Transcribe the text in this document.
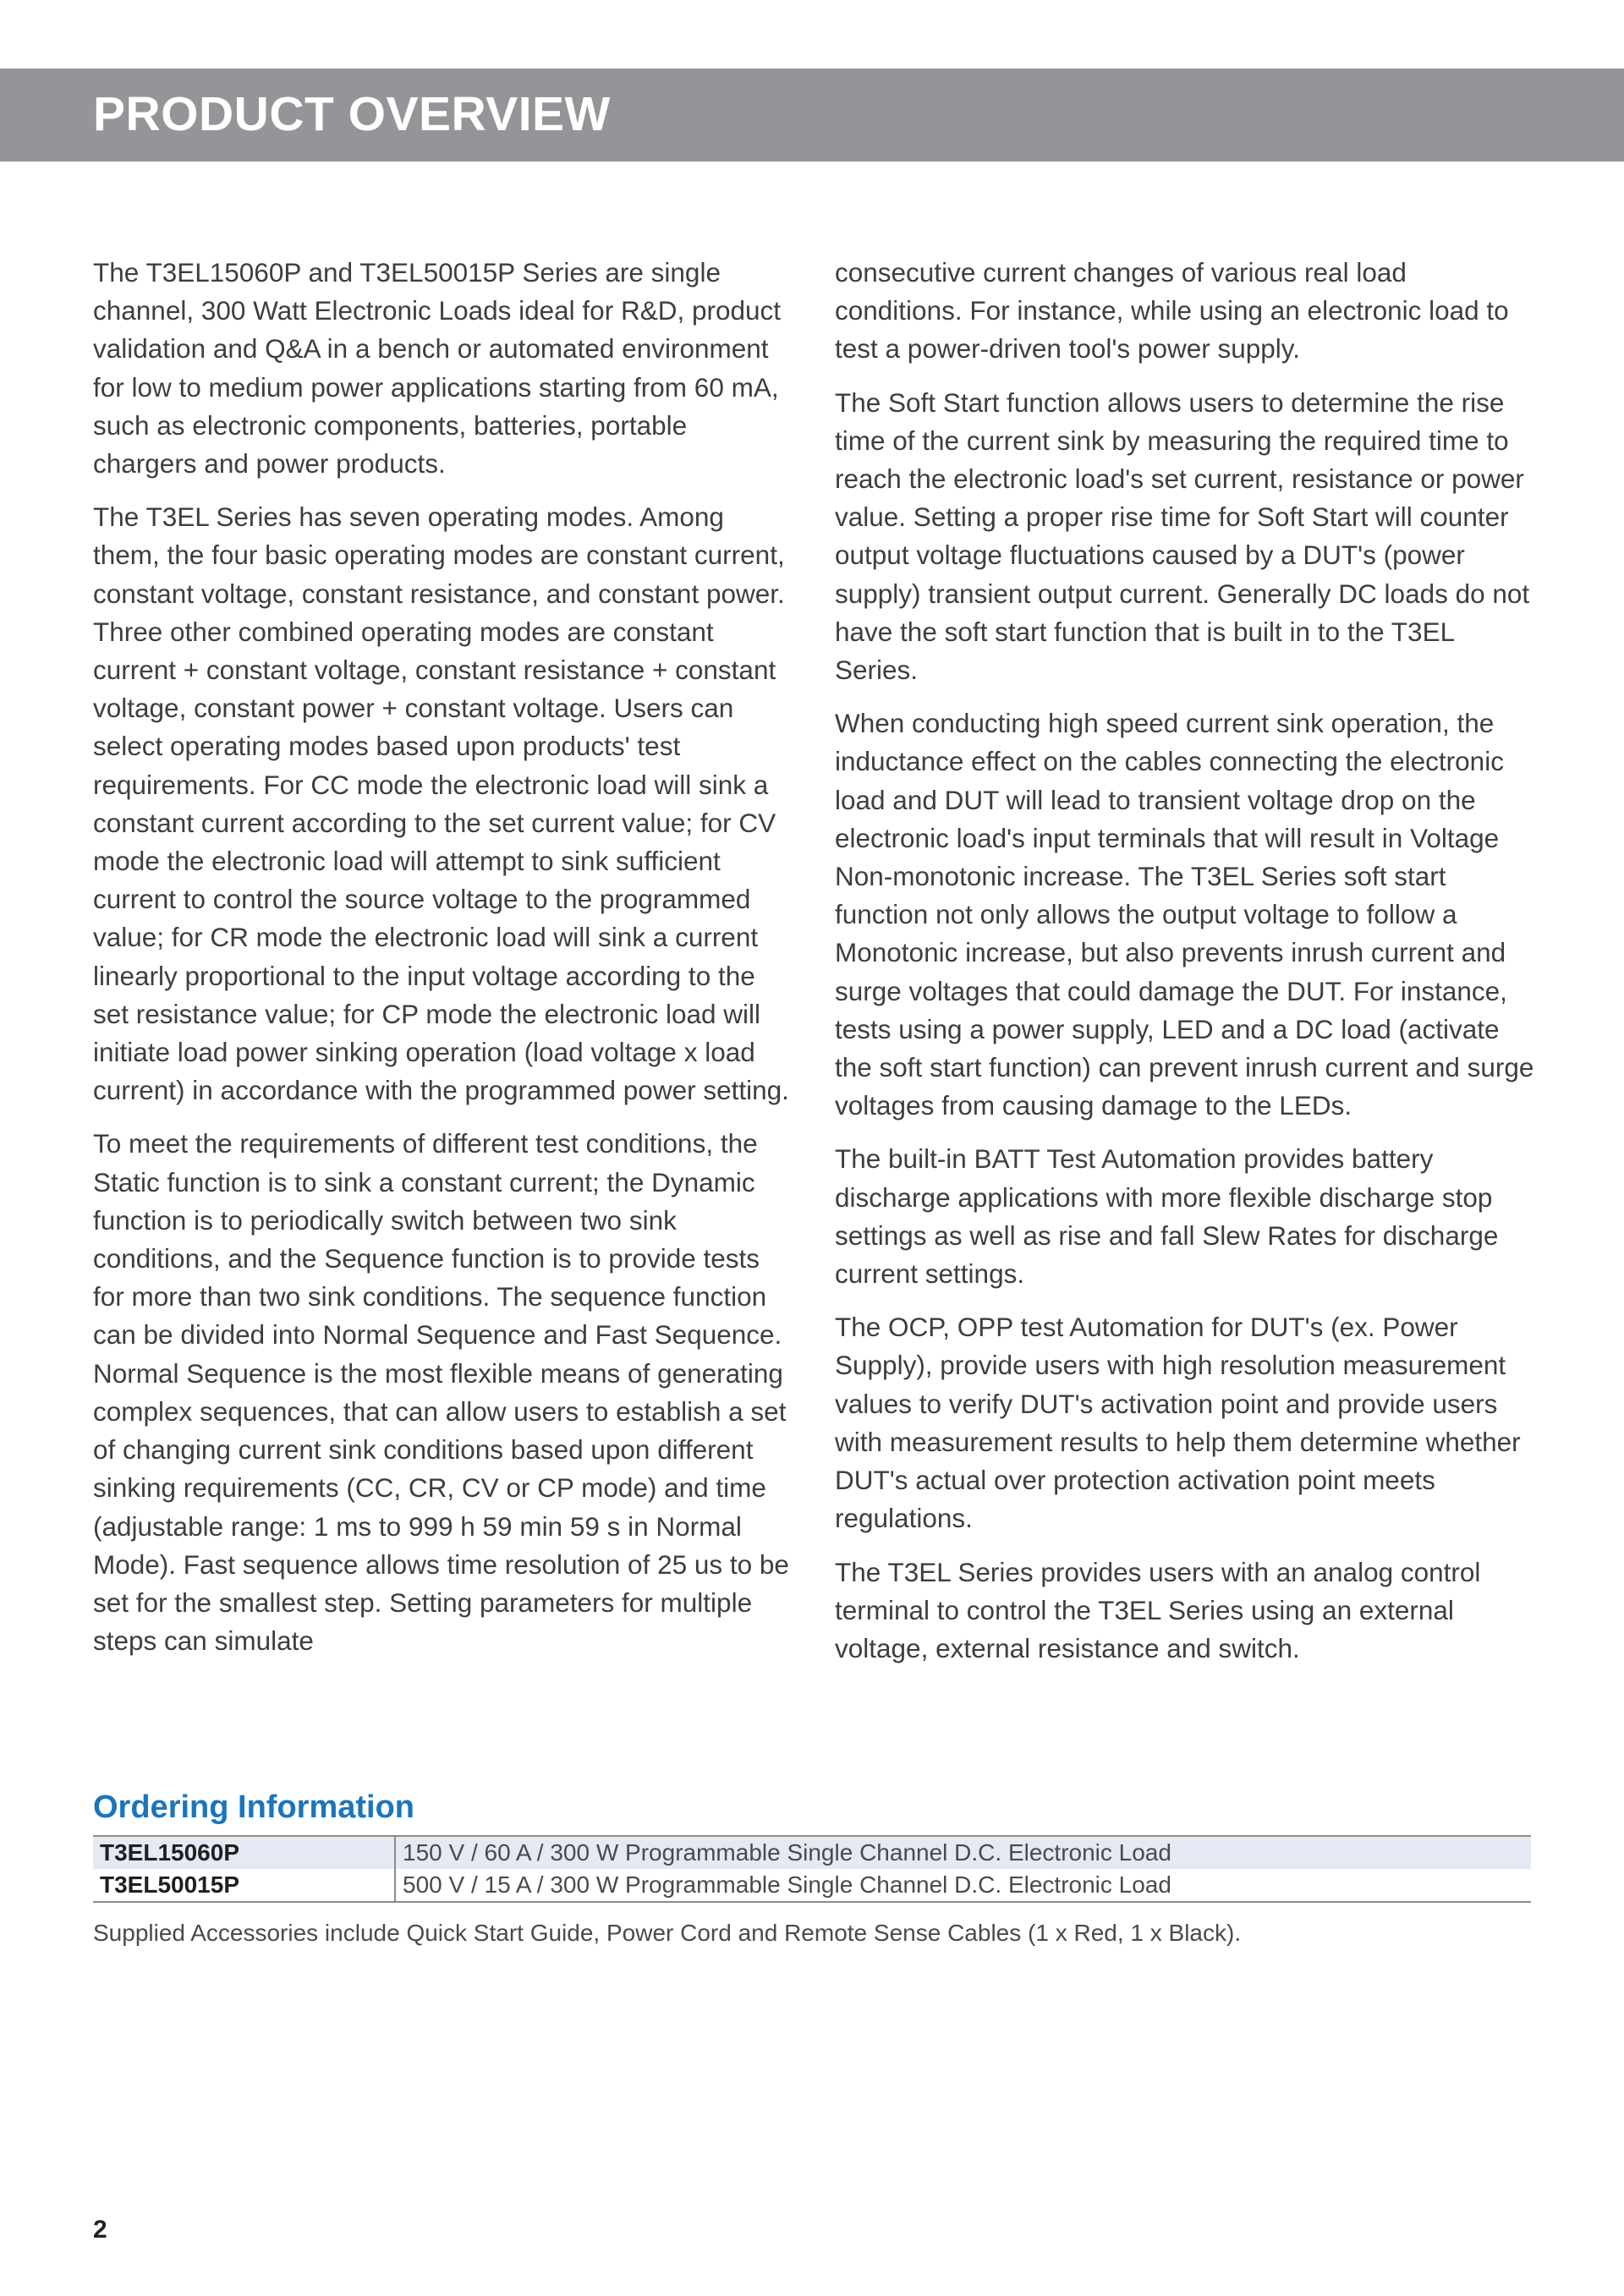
PRODUCT OVERVIEW

The T3EL15060P and T3EL50015P Series are single channel, 300 Watt Electronic Loads ideal for R&D, product validation and Q&A in a bench or automated environment for low to medium power applications starting from 60 mA, such as electronic components, batteries, portable chargers and power products.

The T3EL Series has seven operating modes. Among them, the four basic operating modes are constant current, constant voltage, constant resistance, and constant power. Three other combined operating modes are constant current + constant voltage, constant resistance + constant voltage, constant power + constant voltage. Users can select operating modes based upon products' test requirements. For CC mode the electronic load will sink a constant current according to the set current value; for CV mode the electronic load will attempt to sink sufficient current to control the source voltage to the programmed value; for CR mode the electronic load will sink a current linearly proportional to the input voltage according to the set resistance value; for CP mode the electronic load will initiate load power sinking operation (load voltage x load current) in accordance with the programmed power setting.

To meet the requirements of different test conditions, the Static function is to sink a constant current; the Dynamic function is to periodically switch between two sink conditions, and the Sequence function is to provide tests for more than two sink conditions. The sequence function can be divided into Normal Sequence and Fast Sequence. Normal Sequence is the most flexible means of generating complex sequences, that can allow users to establish a set of changing current sink conditions based upon different sinking requirements (CC, CR, CV or CP mode) and time (adjustable range: 1 ms to 999 h 59 min 59 s in Normal Mode). Fast sequence allows time resolution of 25 us to be set for the smallest step. Setting parameters for multiple steps can simulate

consecutive current changes of various real load conditions. For instance, while using an electronic load to test a power-driven tool's power supply.

The Soft Start function allows users to determine the rise time of the current sink by measuring the required time to reach the electronic load's set current, resistance or power value. Setting a proper rise time for Soft Start will counter output voltage fluctuations caused by a DUT's (power supply) transient output current. Generally DC loads do not have the soft start function that is built in to the T3EL Series.

When conducting high speed current sink operation, the inductance effect on the cables connecting the electronic load and DUT will lead to transient voltage drop on the electronic load's input terminals that will result in Voltage Non-monotonic increase. The T3EL Series soft start function not only allows the output voltage to follow a Monotonic increase, but also prevents inrush current and surge voltages that could damage the DUT. For instance, tests using a power supply, LED and a DC load (activate the soft start function) can prevent inrush current and surge voltages from causing damage to the LEDs.

The built-in BATT Test Automation provides battery discharge applications with more flexible discharge stop settings as well as rise and fall Slew Rates for discharge current settings.

The OCP, OPP test Automation for DUT's (ex. Power Supply), provide users with high resolution measurement values to verify DUT's activation point and provide users with measurement results to help them determine whether DUT's actual over protection activation point meets regulations.

The T3EL Series provides users with an analog control terminal to control the T3EL Series using an external voltage, external resistance and switch.

Ordering Information
T3EL15060P	150 V / 60 A / 300 W Programmable Single Channel D.C. Electronic Load
T3EL50015P	500 V / 15 A / 300 W Programmable Single Channel D.C. Electronic Load

Supplied Accessories include Quick Start Guide, Power Cord and Remote Sense Cables (1 x Red, 1 x Black).

2
